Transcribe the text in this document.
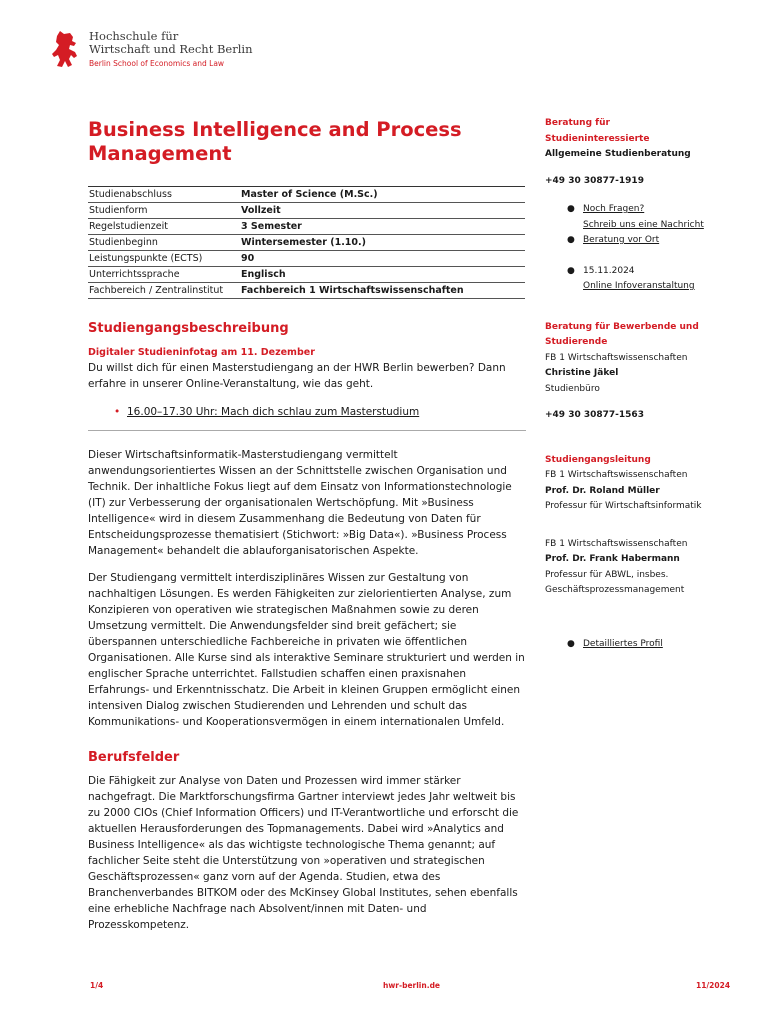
Hochschule für
Wirtschaft und Recht Berlin
Berlin School of Economics and Law
Business Intelligence and Process
Management
Studienabschluss	Master of Science (M.Sc.)
Studienform	Vollzeit
Regelstudienzeit	3 Semester
Studienbeginn	Wintersemester (1.10.)
Leistungspunkte (ECTS)	90
Unterrichtssprache	Englisch
Fachbereich / Zentralinstitut	Fachbereich 1 Wirtschaftswissenschaften
Studiengangsbeschreibung
Digitaler Studieninfotag am 11. Dezember

Du willst dich für einen Masterstudiengang an der HWR Berlin bewerben? Dann erfahre in unserer Online-Veranstaltung, wie das geht.

• 16.00–17.30 Uhr: Mach dich schlau zum Masterstudium

Dieser Wirtschaftsinformatik-Masterstudiengang vermittelt anwendungsorientiertes Wissen an der Schnittstelle zwischen Organisation und Technik. Der inhaltliche Fokus liegt auf dem Einsatz von Informationstechnologie (IT) zur Verbesserung der organisationalen Wertschöpfung. Mit »Business Intelligence« wird in diesem Zusammenhang die Bedeutung von Daten für Entscheidungsprozesse thematisiert (Stichwort: »Big Data«). »Business Process Management« behandelt die ablauforganisatorischen Aspekte.

Der Studiengang vermittelt interdisziplinäres Wissen zur Gestaltung von nachhaltigen Lösungen. Es werden Fähigkeiten zur zielorientierten Analyse, zum Konzipieren von operativen wie strategischen Maßnahmen sowie zu deren Umsetzung vermittelt. Die Anwendungsfelder sind breit gefächert; sie überspannen unterschiedliche Fachbereiche in privaten wie öffentlichen Organisationen. Alle Kurse sind als interaktive Seminare strukturiert und werden in englischer Sprache unterrichtet. Fallstudien schaffen einen praxisnahen Erfahrungs- und Erkenntnisschatz. Die Arbeit in kleinen Gruppen ermöglicht einen intensiven Dialog zwischen Studierenden und Lehrenden und schult das Kommunikations- und Kooperationsvermögen in einem internationalen Umfeld.

Berufsfelder

Die Fähigkeit zur Analyse von Daten und Prozessen wird immer stärker nachgefragt. Die Marktforschungsfirma Gartner interviewt jedes Jahr weltweit bis zu 2000 CIOs (Chief Information Officers) und IT-Verantwortliche und erforscht die aktuellen Herausforderungen des Topmanagements. Dabei wird »Analytics and Business Intelligence« als das wichtigste technologische Thema genannt; auf fachlicher Seite steht die Unterstützung von »operativen und strategischen Geschäftsprozessen« ganz vorn auf der Agenda. Studien, etwa des Branchenverbandes BITKOM oder des McKinsey Global Institutes, sehen ebenfalls eine erhebliche Nachfrage nach Absolvent/innen mit Daten- und Prozesskompetenz.

Beratung für
Studieninteressierte
Allgemeine Studienberatung
+49 30 30877-1919
● Noch Fragen?
Schreib uns eine Nachricht
● Beratung vor Ort
● 15.11.2024
Online Infoveranstaltung
Beratung für Bewerbende und
Studierende
FB 1 Wirtschaftswissenschaften
Christine Jäkel
Studienbüro
+49 30 30877-1563
Studiengangsleitung
FB 1 Wirtschaftswissenschaften
Prof. Dr. Roland Müller
Professur für Wirtschaftsinformatik
FB 1 Wirtschaftswissenschaften
Prof. Dr. Frank Habermann
Professur für ABWL, insbes.
Geschäftsprozessmanagement
● Detailliertes Profil
1/4	hwr-berlin.de	11/2024
